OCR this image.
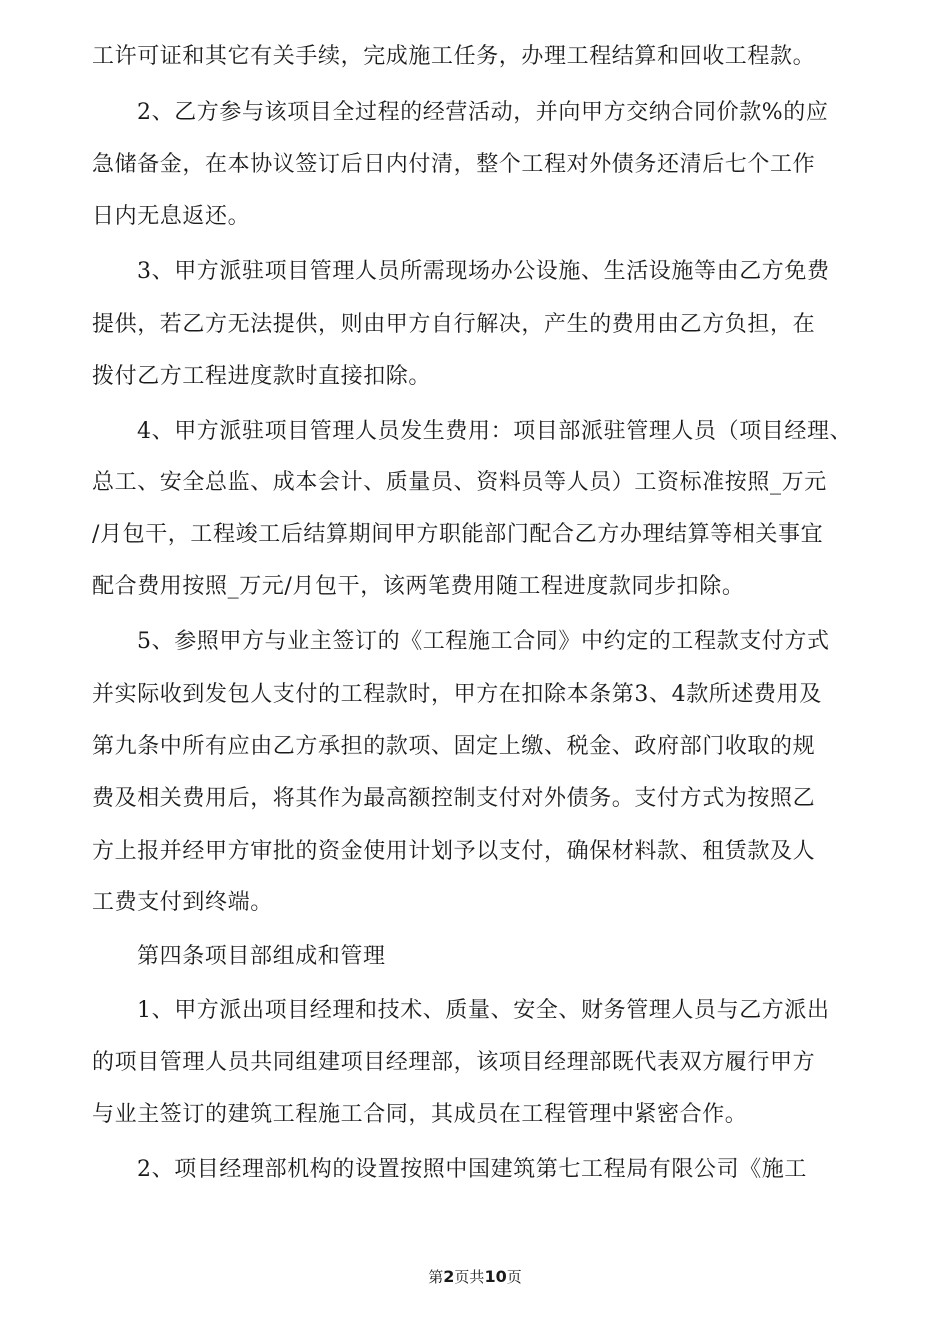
工许可证和其它有关手续，完成施工任务，办理工程结算和回收工程款。
2、乙方参与该项目全过程的经营活动，并向甲方交纳合同价款%的应
急储备金，在本协议签订后日内付清，整个工程对外债务还清后七个工作
日内无息返还。
3、甲方派驻项目管理人员所需现场办公设施、生活设施等由乙方免费
提供，若乙方无法提供，则由甲方自行解决，产生的费用由乙方负担，在
拨付乙方工程进度款时直接扣除。
4、甲方派驻项目管理人员发生费用：项目部派驻管理人员（项目经理、
总工、安全总监、成本会计、质量员、资料员等人员）工资标准按照_万元
/月包干，工程竣工后结算期间甲方职能部门配合乙方办理结算等相关事宜
配合费用按照_万元/月包干，该两笔费用随工程进度款同步扣除。
5、参照甲方与业主签订的《工程施工合同》中约定的工程款支付方式
并实际收到发包人支付的工程款时，甲方在扣除本条第3、4款所述费用及
第九条中所有应由乙方承担的款项、固定上缴、税金、政府部门收取的规
费及相关费用后，将其作为最高额控制支付对外债务。支付方式为按照乙
方上报并经甲方审批的资金使用计划予以支付，确保材料款、租赁款及人
工费支付到终端。
第四条项目部组成和管理
1、甲方派出项目经理和技术、质量、安全、财务管理人员与乙方派出
的项目管理人员共同组建项目经理部，该项目经理部既代表双方履行甲方
与业主签订的建筑工程施工合同，其成员在工程管理中紧密合作。
2、项目经理部机构的设置按照中国建筑第七工程局有限公司《施工
第2页共10页
